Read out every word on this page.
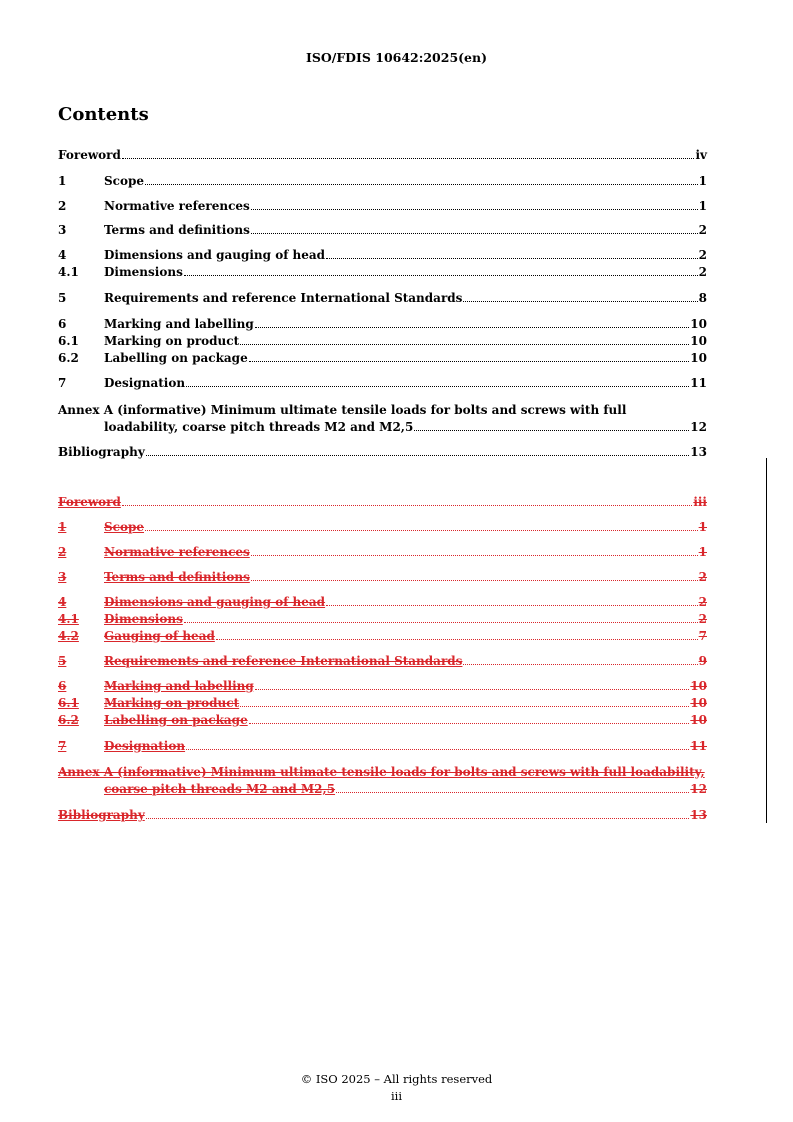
ISO/FDIS 10642:2025(en)
Contents
Foreword	iv
1	Scope	1
2	Normative references	1
3	Terms and definitions	2
4	Dimensions and gauging of head	2
4.1	Dimensions	2
5	Requirements and reference International Standards	8
6	Marking and labelling	10
6.1	Marking on product	10
6.2	Labelling on package	10
7	Designation	11
Annex A (informative) Minimum ultimate tensile loads for bolts and screws with full
loadability, coarse pitch threads M2 and M2,5	12
Bibliography	13
Foreword	iii
1	Scope	1
2	Normative references	1
3	Terms and definitions	2
4	Dimensions and gauging of head	2
4.1	Dimensions	2
4.2	Gauging of head	7
5	Requirements and reference International Standards	9
6	Marking and labelling	10
6.1	Marking on product	10
6.2	Labelling on package	10
7	Designation	11
Annex A (informative) Minimum ultimate tensile loads for bolts and screws with full loadability,
coarse pitch threads M2 and M2,5	12
Bibliography	13
© ISO 2025 – All rights reserved
iii
